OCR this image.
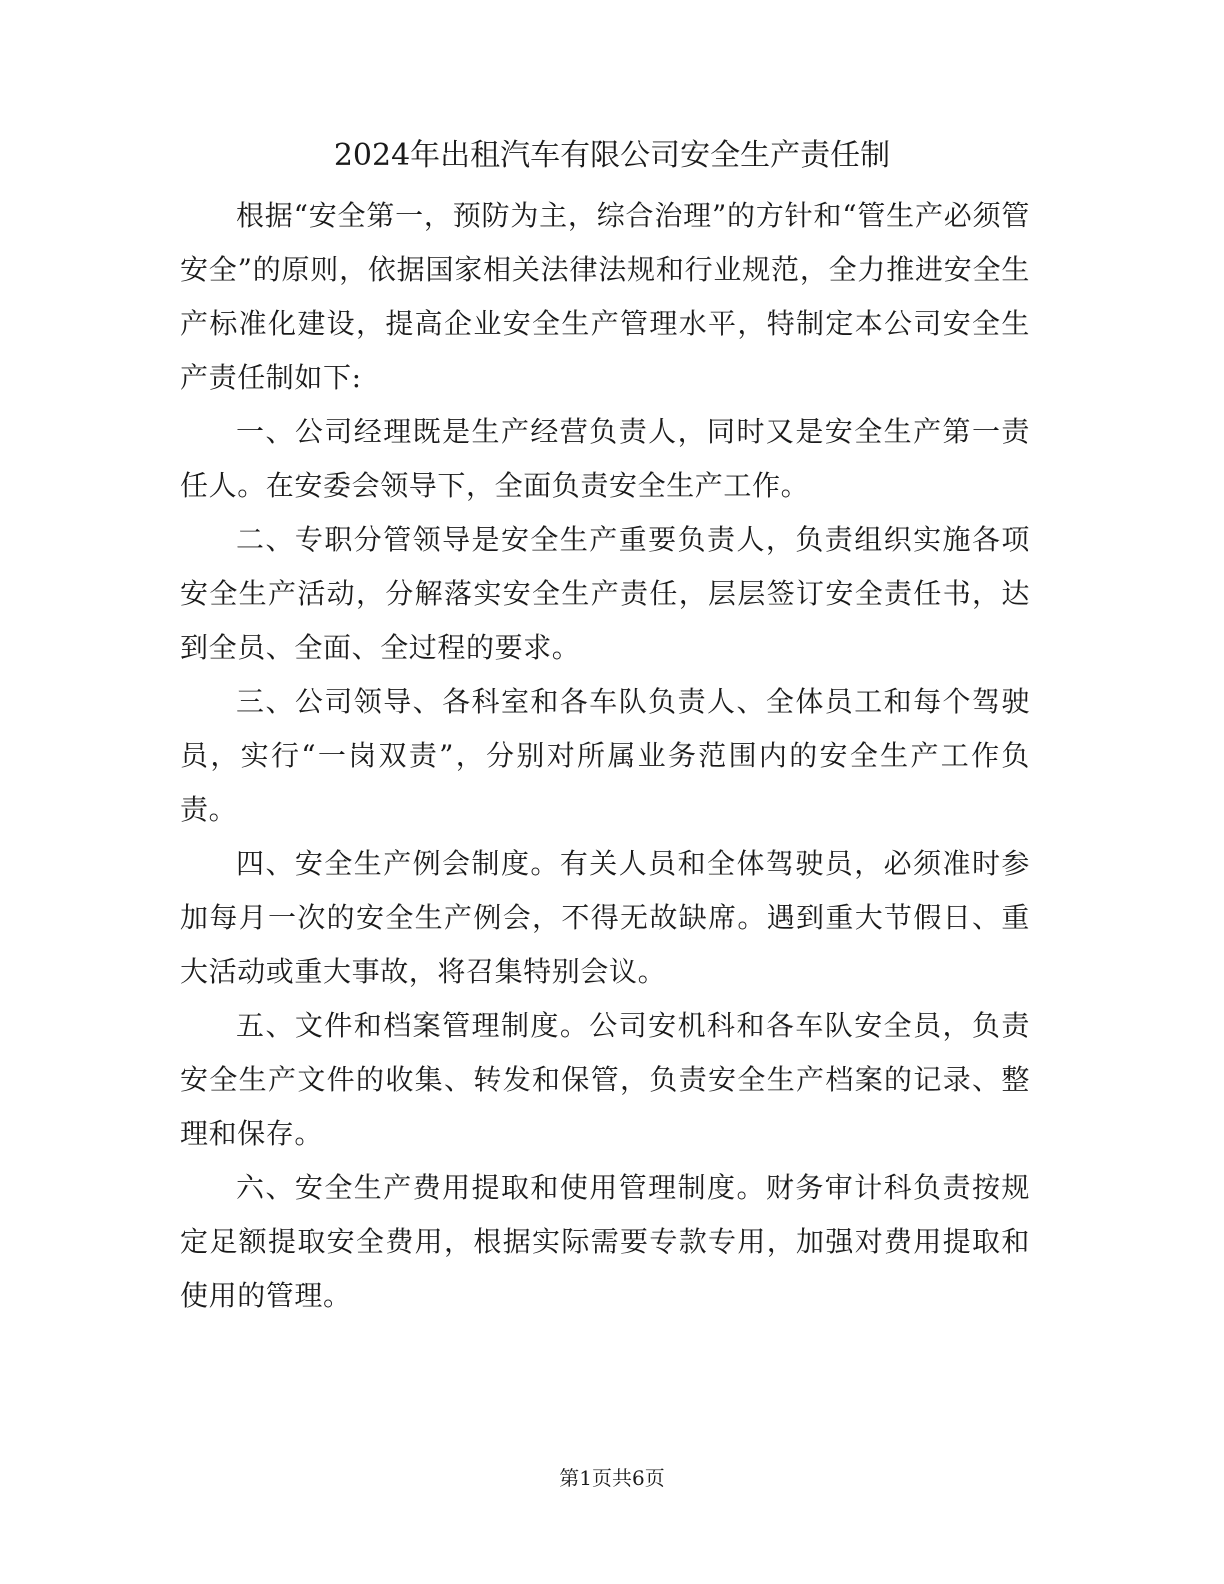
2024年出租汽车有限公司安全生产责任制

根据“安全第一，预防为主，综合治理”的方针和“管生产必须管安全”的原则，依据国家相关法律法规和行业规范，全力推进安全生产标准化建设，提高企业安全生产管理水平，特制定本公司安全生产责任制如下:

一、公司经理既是生产经营负责人，同时又是安全生产第一责任人。在安委会领导下，全面负责安全生产工作。

二、专职分管领导是安全生产重要负责人，负责组织实施各项安全生产活动，分解落实安全生产责任，层层签订安全责任书，达到全员、全面、全过程的要求。

三、公司领导、各科室和各车队负责人、全体员工和每个驾驶员，实行“一岗双责”，分别对所属业务范围内的安全生产工作负责。

四、安全生产例会制度。有关人员和全体驾驶员，必须准时参加每月一次的安全生产例会，不得无故缺席。遇到重大节假日、重大活动或重大事故，将召集特别会议。

五、文件和档案管理制度。公司安机科和各车队安全员，负责安全生产文件的收集、转发和保管，负责安全生产档案的记录、整理和保存。

六、安全生产费用提取和使用管理制度。财务审计科负责按规定足额提取安全费用，根据实际需要专款专用，加强对费用提取和使用的管理。

第1页共6页
